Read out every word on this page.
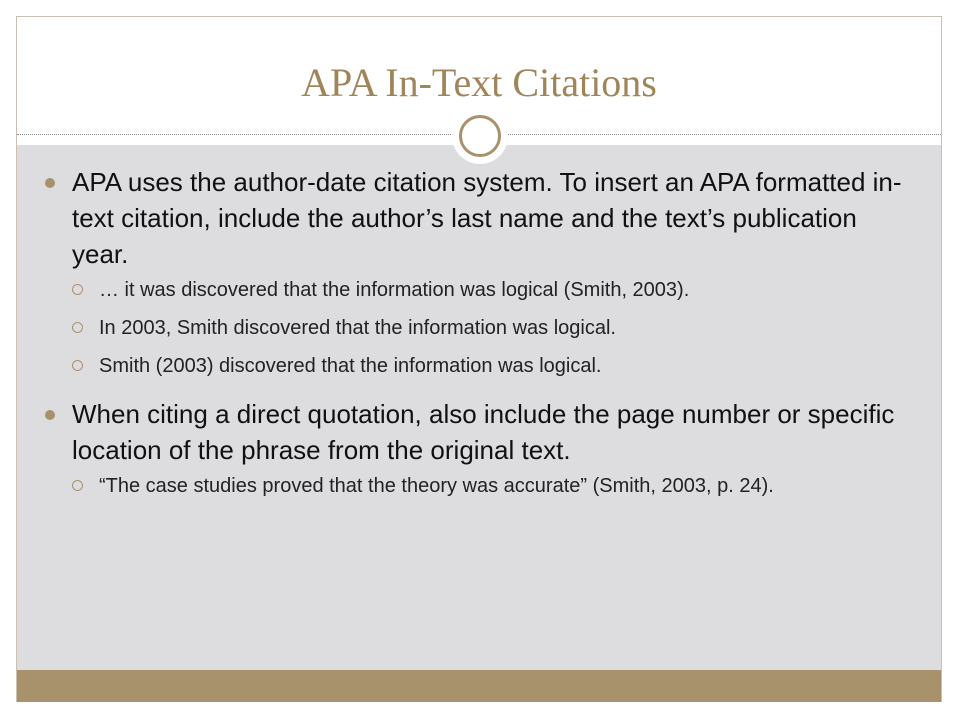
APA In-Text Citations
APA uses the author-date citation system. To insert an APA formatted in-text citation, include the author’s last name and the text’s publication year.
… it was discovered that the information was logical (Smith, 2003).
In 2003, Smith discovered that the information was logical.
Smith (2003) discovered that the information was logical.
When citing a direct quotation, also include the page number or specific location of the phrase from the original text.
“The case studies proved that the theory was accurate” (Smith, 2003, p. 24).
